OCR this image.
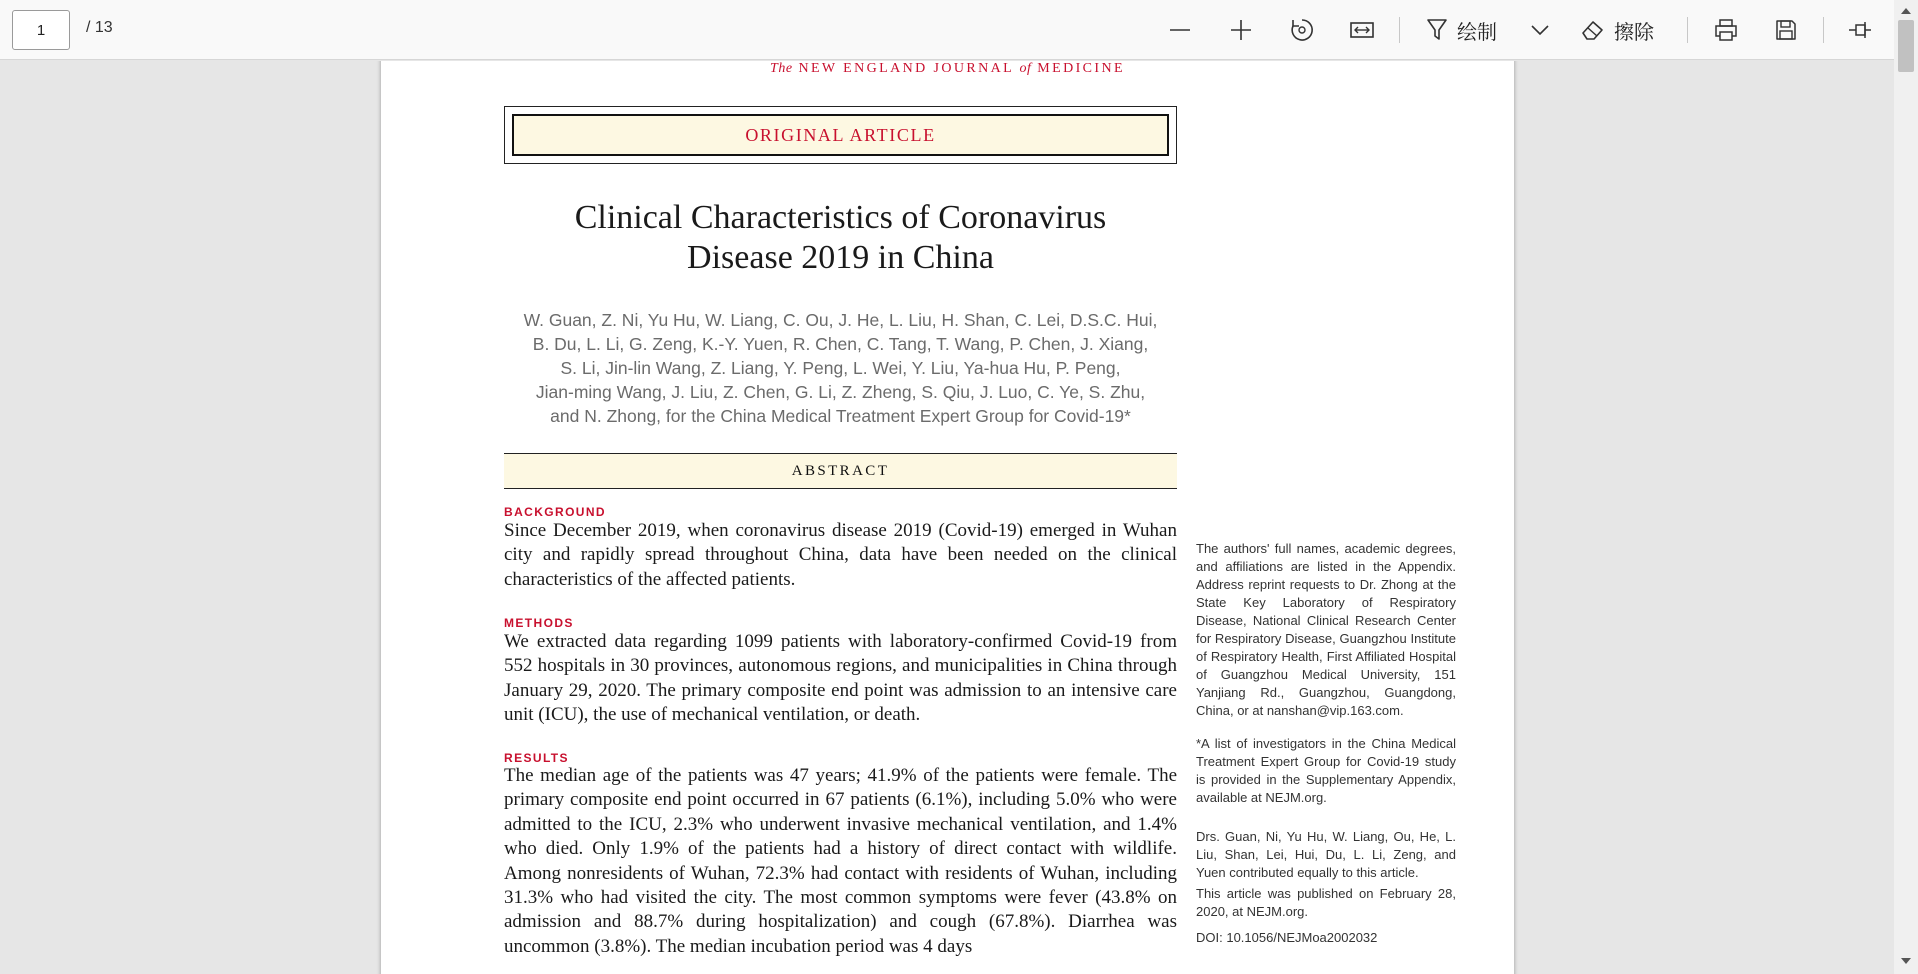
1
/ 13	绘制	擦除
The NEW ENGLAND JOURNAL of MEDICINE
ORIGINAL ARTICLE
Clinical Characteristics of Coronavirus
Disease 2019 in China
W. Guan, Z. Ni, Yu Hu, W. Liang, C. Ou, J. He, L. Liu, H. Shan, C. Lei, D.S.C. Hui,
B. Du, L. Li, G. Zeng, K.-Y. Yuen, R. Chen, C. Tang, T. Wang, P. Chen, J. Xiang,
S. Li, Jin-lin Wang, Z. Liang, Y. Peng, L. Wei, Y. Liu, Ya-hua Hu, P. Peng,
Jian-ming Wang, J. Liu, Z. Chen, G. Li, Z. Zheng, S. Qiu, J. Luo, C. Ye, S. Zhu,
and N. Zhong, for the China Medical Treatment Expert Group for Covid-19*
ABSTRACT
BACKGROUND
Since December 2019, when coronavirus disease 2019 (Covid-19) emerged in Wuhan city and rapidly spread throughout China, data have been needed on the clinical characteristics of the affected patients.
METHODS
We extracted data regarding 1099 patients with laboratory-confirmed Covid-19 from 552 hospitals in 30 provinces, autonomous regions, and municipalities in China through January 29, 2020. The primary composite end point was admission to an intensive care unit (ICU), the use of mechanical ventilation, or death.
RESULTS
The median age of the patients was 47 years; 41.9% of the patients were female. The primary composite end point occurred in 67 patients (6.1%), including 5.0% who were admitted to the ICU, 2.3% who underwent invasive mechanical ventilation, and 1.4% who died. Only 1.9% of the patients had a history of direct contact with wildlife. Among nonresidents of Wuhan, 72.3% had contact with residents of Wuhan, including 31.3% who had visited the city. The most common symptoms were fever (43.8% on admission and 88.7% during hospitalization) and cough (67.8%). Diarrhea was uncommon (3.8%). The median incubation period was 4 days
The authors' full names, academic degrees, and affiliations are listed in the Appendix. Address reprint requests to Dr. Zhong at the State Key Laboratory of Respiratory Disease, National Clinical Research Center for Respiratory Disease, Guangzhou Institute of Respiratory Health, First Affiliated Hospital of Guangzhou Medical University, 151 Yanjiang Rd., Guangzhou, Guangdong, China, or at nanshan@vip.163.com.
*A list of investigators in the China Medical Treatment Expert Group for Covid-19 study is provided in the Supplementary Appendix, available at NEJM.org.
Drs. Guan, Ni, Yu Hu, W. Liang, Ou, He, L. Liu, Shan, Lei, Hui, Du, L. Li, Zeng, and Yuen contributed equally to this article.
This article was published on February 28, 2020, at NEJM.org.
DOI: 10.1056/NEJMoa2002032
